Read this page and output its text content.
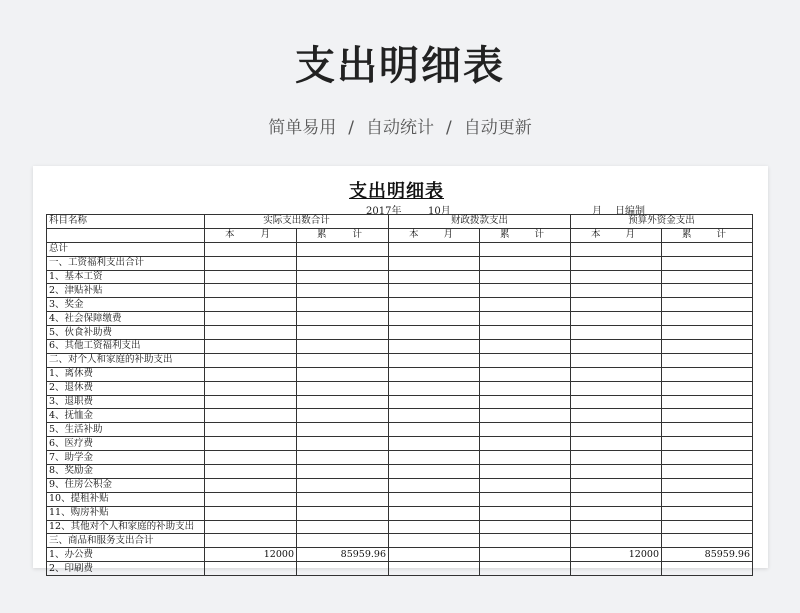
支出明细表
简单易用 / 自动统计 / 自动更新
支出明细表
2017年	10月	月 日编制
科目名称	实际支出数合计		财政拨款支出		预算外资金支出	

	本 月	累 计	本 月	累 计	本 月	累 计

总计						
一、工资福利支出合计						
1、基本工资						
2、津贴补贴						
3、奖金						
4、社会保障缴费						
5、伙食补助费						
6、其他工资福利支出						
二、对个人和家庭的补助支出						
1、离休费						
2、退休费						
3、退职费						
4、抚恤金						
5、生活补助						
6、医疗费						
7、助学金						
8、奖励金						
9、住房公积金						
10、提租补贴						
11、购房补贴						
12、其他对个人和家庭的补助支出						
三、商品和服务支出合计						
1、办公费	12000	85959.96			12000	85959.96
2、印刷费						
